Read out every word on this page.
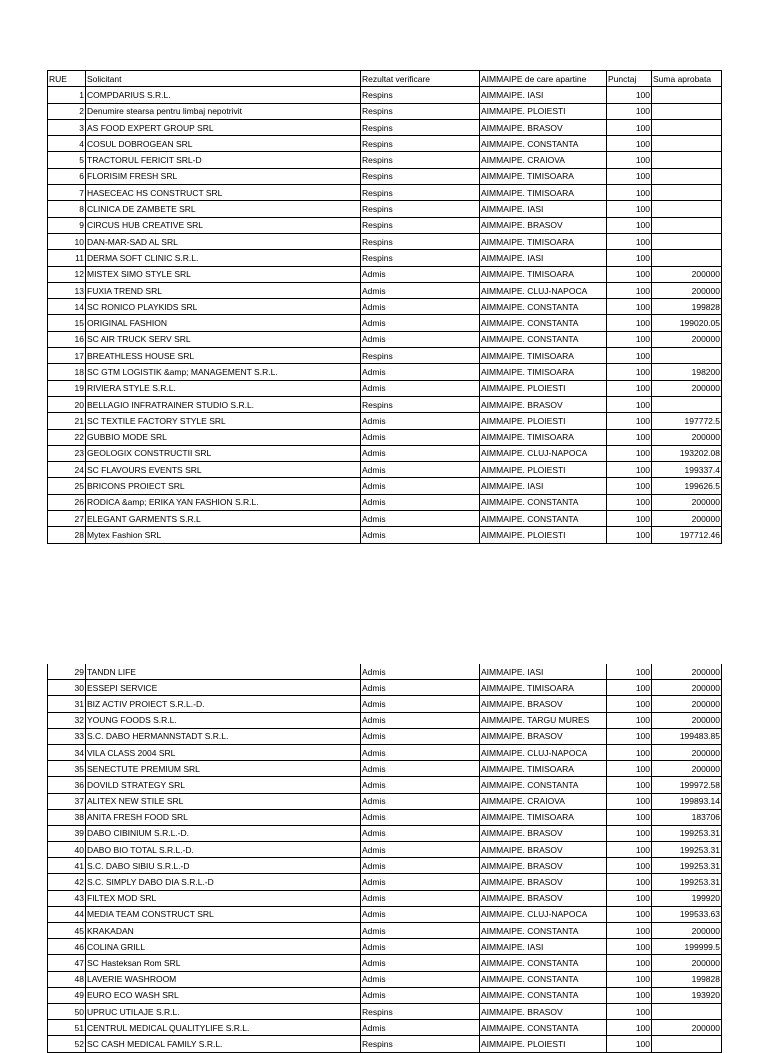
RUE	Solicitant	Rezultat verificare	AIMMAIPE de care apartine	Punctaj	Suma aprobata
1	COMPDARIUS S.R.L.	Respins	AIMMAIPE. IASI	100	
2	Denumire stearsa pentru limbaj nepotrivit	Respins	AIMMAIPE. PLOIESTI	100	
3	AS FOOD EXPERT GROUP SRL	Respins	AIMMAIPE. BRASOV	100	
4	COSUL DOBROGEAN SRL	Respins	AIMMAIPE. CONSTANTA	100	
5	TRACTORUL FERICIT SRL-D	Respins	AIMMAIPE. CRAIOVA	100	
6	FLORISIM FRESH SRL	Respins	AIMMAIPE. TIMISOARA	100	
7	HASECEAC HS CONSTRUCT SRL	Respins	AIMMAIPE. TIMISOARA	100	
8	CLINICA DE ZAMBETE SRL	Respins	AIMMAIPE. IASI	100	
9	CIRCUS HUB CREATIVE SRL	Respins	AIMMAIPE. BRASOV	100	
10	DAN-MAR-SAD AL SRL	Respins	AIMMAIPE. TIMISOARA	100	
11	DERMA SOFT CLINIC S.R.L.	Respins	AIMMAIPE. IASI	100	
12	MISTEX SIMO STYLE SRL	Admis	AIMMAIPE. TIMISOARA	100	200000
13	FUXIA TREND SRL	Admis	AIMMAIPE. CLUJ-NAPOCA	100	200000
14	SC RONICO PLAYKIDS SRL	Admis	AIMMAIPE. CONSTANTA	100	199828
15	ORIGINAL FASHION	Admis	AIMMAIPE. CONSTANTA	100	199020.05
16	SC AIR TRUCK SERV SRL	Admis	AIMMAIPE. CONSTANTA	100	200000
17	BREATHLESS HOUSE SRL	Respins	AIMMAIPE. TIMISOARA	100	
18	SC GTM LOGISTIK &amp; MANAGEMENT S.R.L.	Admis	AIMMAIPE. TIMISOARA	100	198200
19	RIVIERA STYLE S.R.L.	Admis	AIMMAIPE. PLOIESTI	100	200000
20	BELLAGIO INFRATRAINER STUDIO S.R.L.	Respins	AIMMAIPE. BRASOV	100	
21	SC TEXTILE FACTORY STYLE SRL	Admis	AIMMAIPE. PLOIESTI	100	197772.5
22	GUBBIO MODE SRL	Admis	AIMMAIPE. TIMISOARA	100	200000
23	GEOLOGIX CONSTRUCTII SRL	Admis	AIMMAIPE. CLUJ-NAPOCA	100	193202.08
24	SC FLAVOURS EVENTS SRL	Admis	AIMMAIPE. PLOIESTI	100	199337.4
25	BRICONS PROIECT SRL	Admis	AIMMAIPE. IASI	100	199626.5
26	RODICA &amp; ERIKA YAN FASHION S.R.L.	Admis	AIMMAIPE. CONSTANTA	100	200000
27	ELEGANT GARMENTS S.R.L	Admis	AIMMAIPE. CONSTANTA	100	200000
28	Mytex Fashion SRL	Admis	AIMMAIPE. PLOIESTI	100	197712.46
29	TANDN LIFE	Admis	AIMMAIPE. IASI	100	200000
30	ESSEPI SERVICE	Admis	AIMMAIPE. TIMISOARA	100	200000
31	BIZ ACTIV PROIECT S.R.L.-D.	Admis	AIMMAIPE. BRASOV	100	200000
32	YOUNG FOODS S.R.L.	Admis	AIMMAIPE. TARGU MURES	100	200000
33	S.C. DABO HERMANNSTADT S.R.L.	Admis	AIMMAIPE. BRASOV	100	199483.85
34	VILA CLASS 2004 SRL	Admis	AIMMAIPE. CLUJ-NAPOCA	100	200000
35	SENECTUTE PREMIUM SRL	Admis	AIMMAIPE. TIMISOARA	100	200000
36	DOVILD STRATEGY SRL	Admis	AIMMAIPE. CONSTANTA	100	199972.58
37	ALITEX NEW STILE SRL	Admis	AIMMAIPE. CRAIOVA	100	199893.14
38	ANITA FRESH FOOD SRL	Admis	AIMMAIPE. TIMISOARA	100	183706
39	DABO CIBINIUM S.R.L.-D.	Admis	AIMMAIPE. BRASOV	100	199253.31
40	DABO BIO TOTAL S.R.L.-D.	Admis	AIMMAIPE. BRASOV	100	199253.31
41	S.C. DABO SIBIU S.R.L.-D	Admis	AIMMAIPE. BRASOV	100	199253.31
42	S.C. SIMPLY DABO DIA S.R.L.-D	Admis	AIMMAIPE. BRASOV	100	199253.31
43	FILTEX MOD SRL	Admis	AIMMAIPE. BRASOV	100	199920
44	MEDIA TEAM CONSTRUCT SRL	Admis	AIMMAIPE. CLUJ-NAPOCA	100	199533.63
45	KRAKADAN	Admis	AIMMAIPE. CONSTANTA	100	200000
46	COLINA GRILL	Admis	AIMMAIPE. IASI	100	199999.5
47	SC Hasteksan Rom SRL	Admis	AIMMAIPE. CONSTANTA	100	200000
48	LAVERIE WASHROOM	Admis	AIMMAIPE. CONSTANTA	100	199828
49	EURO ECO WASH SRL	Admis	AIMMAIPE. CONSTANTA	100	193920
50	UPRUC UTILAJE S.R.L.	Respins	AIMMAIPE. BRASOV	100	
51	CENTRUL MEDICAL QUALITYLIFE S.R.L.	Admis	AIMMAIPE. CONSTANTA	100	200000
52	SC CASH MEDICAL FAMILY S.R.L.	Respins	AIMMAIPE. PLOIESTI	100	
